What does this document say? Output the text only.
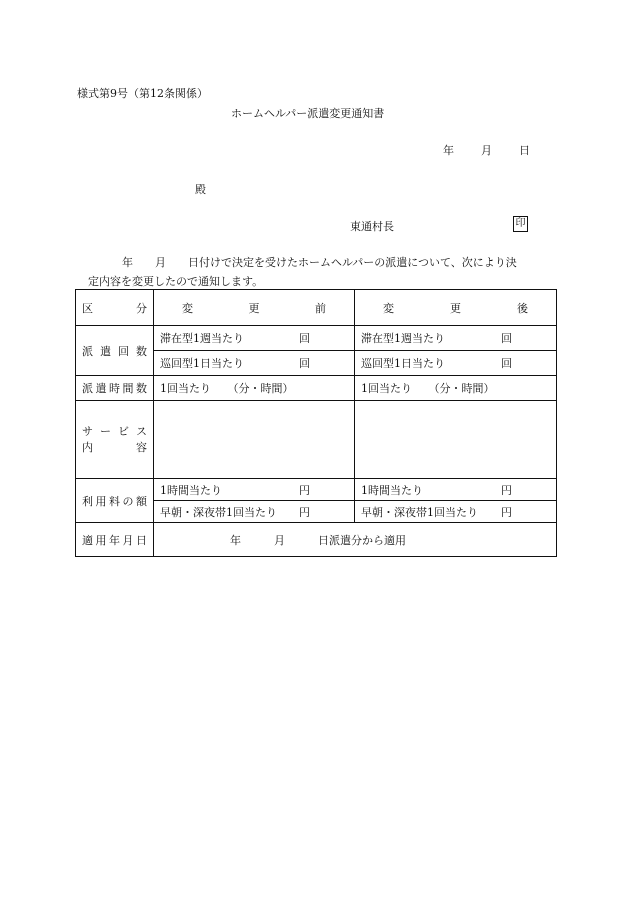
様式第9号（第12条関係）
ホームヘルパー派遣変更通知書
年 月 日
殿
東通村長	印
年　　月　　日付けで決定を受けたホームヘルパーの派遣について、次により決
定内容を変更したので通知します。
区　　分	変　　　　更　　　　前	変　　　　更　　　　後
派遣回数	滞在型1週当たり 回	滞在型1週当たり 回

	巡回型1日当たり 回	巡回型1日当たり 回

派遣時間数	1回当たり　　（分・時間）	1回当たり　　（分・時間）

サービス
内容		

利用料の額	1時間当たり 円	1時間当たり 円

	早朝・深夜帯1回当たり 円	早朝・深夜帯1回当たり 円

適用年月日	年　　　月　　　日派遣分から適用	
